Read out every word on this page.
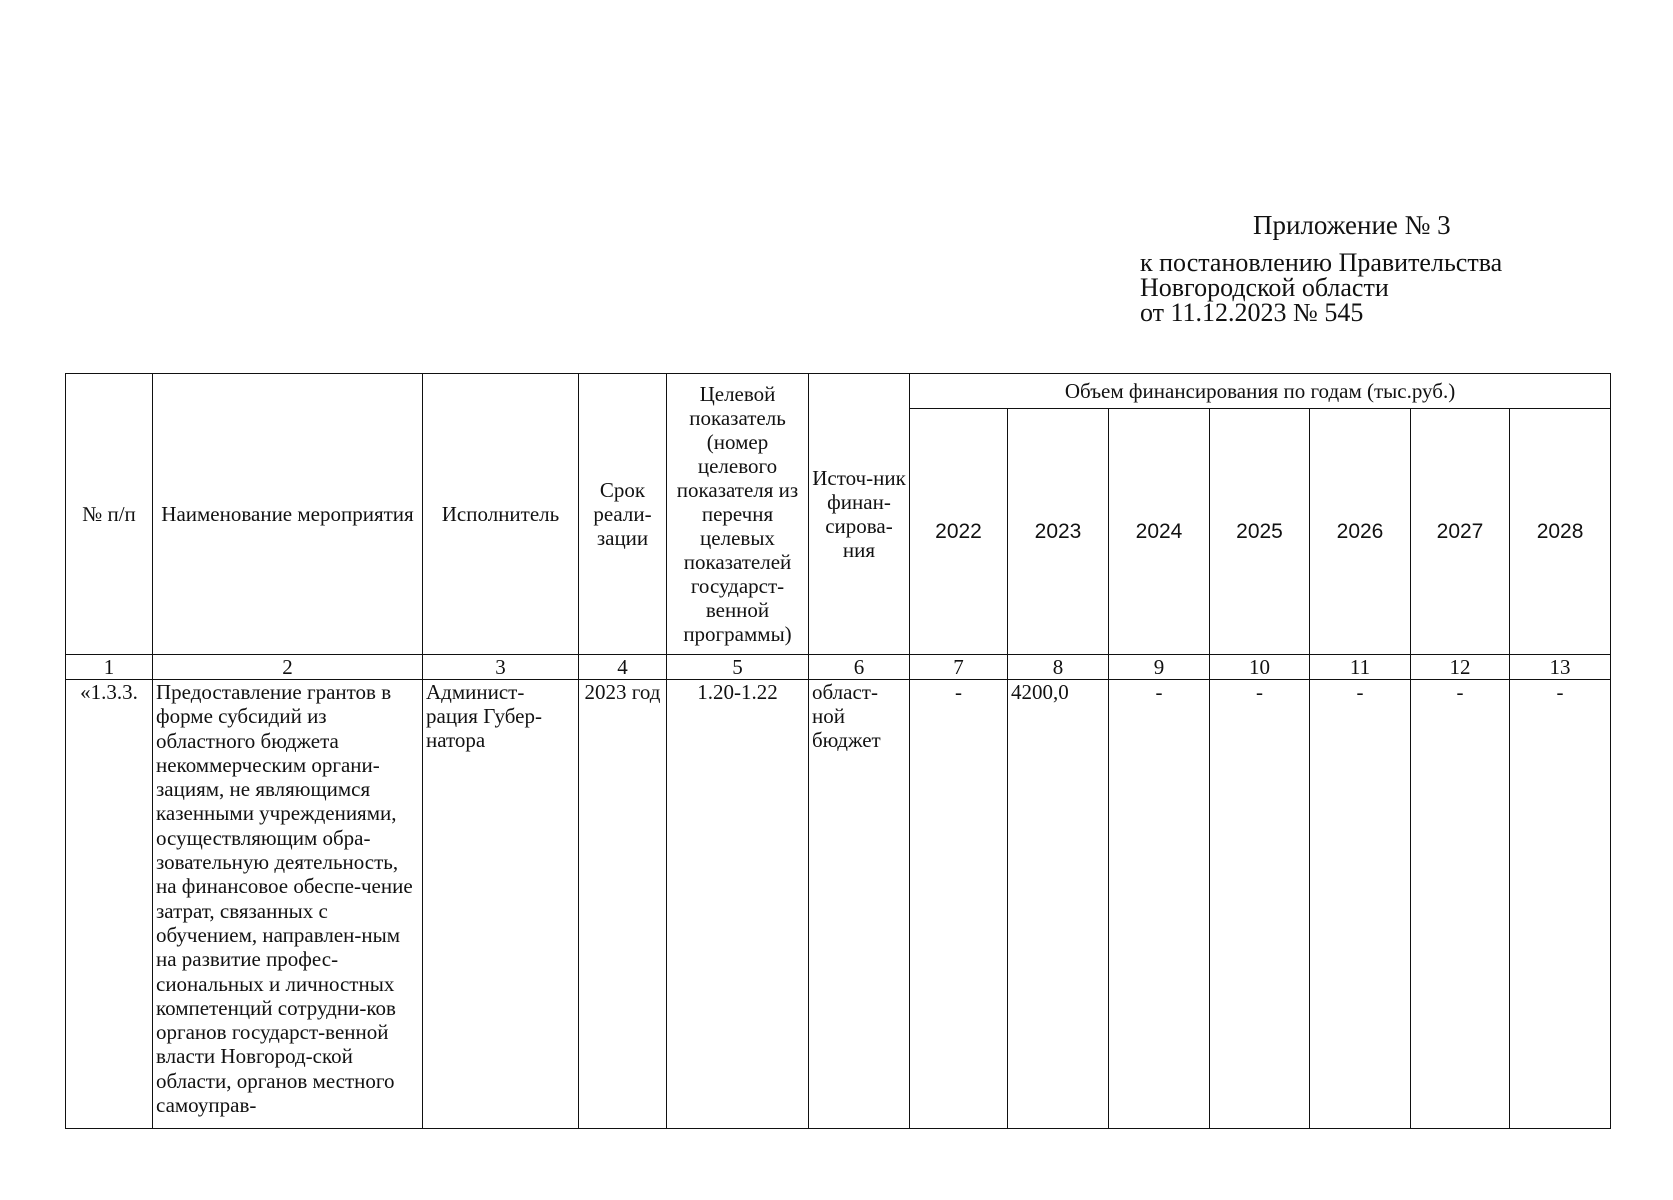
Приложение № 3
к постановлению Правительства
Новгородской области
от 11.12.2023 № 545
№ п/п	Наименование мероприятия	Исполнитель	Срок реали-зации	Целевой показатель (номер целевого показателя из перечня целевых показателей государст-венной программы)	Источ-ник финан-сирова-ния	Объем финансирования по годам (тыс.руб.)						
						2022	2023	2024	2025	2026	2027	2028
1	2	3	4	5	6	7	8	9	10	11	12	13
«1.3.3.	Предоставление грантов в форме субсидий из областного бюджета некоммерческим органи-зациям, не являющимся казенными учреждениями, осуществляющим обра-зовательную деятельность, на финансовое обеспе-чение затрат, связанных с обучением, направлен-ным на развитие профес-сиональных и личностных компетенций сотрудни-ков органов государст-венной власти Новгород-ской области, органов местного самоуправ-	Админист-рация Губер-натора	2023 год	1.20-1.22	област-ной бюджет	-	4200,0	-	-	-	-	-
